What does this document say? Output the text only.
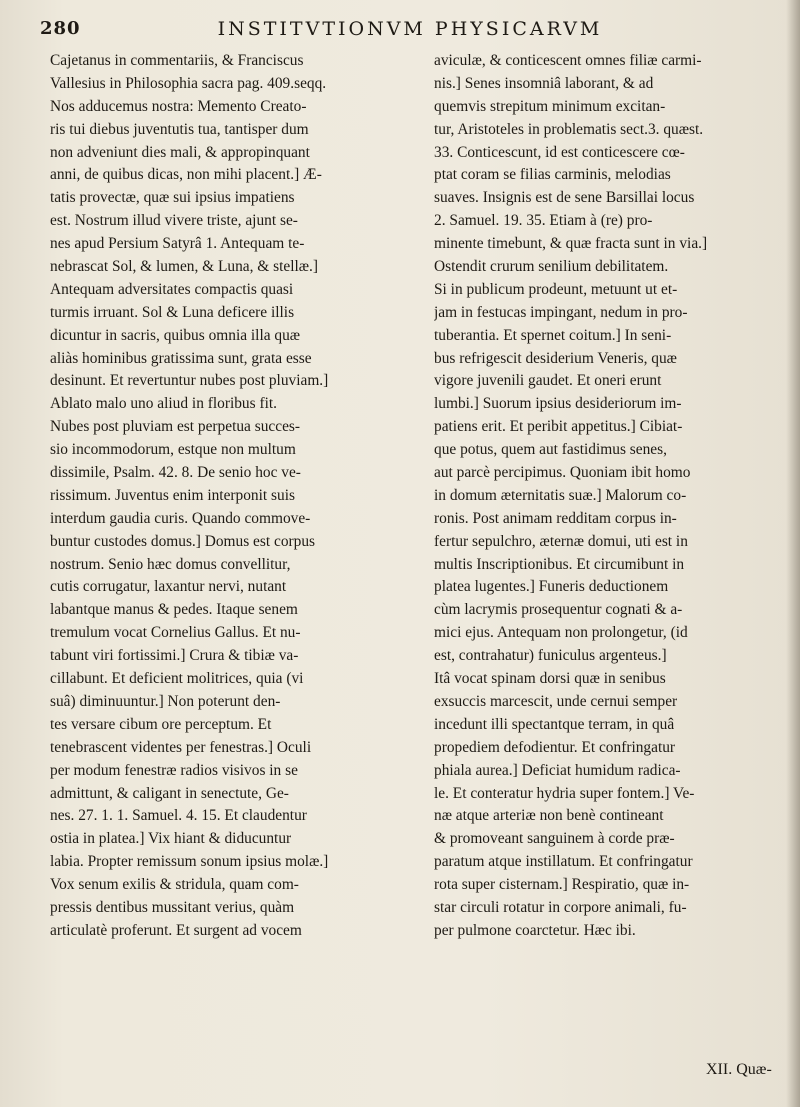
280	INSTITVTIONVM PHYSICARVM
Cajetanus in commentariis, & Franciscus
Vallesius in Philosophia sacra pag. 409.seqq.
Nos adducemus nostra: Memento Creato-
ris tui diebus juventutis tua, tantisper dum
non adveniunt dies mali, & appropinquant
anni, de quibus dicas, non mihi placent.] Æ-
tatis provectæ, quæ sui ipsius impatiens
est. Nostrum illud vivere triste, ajunt se-
nes apud Persium Satyrâ 1. Antequam te-
nebrascat Sol, & lumen, & Luna, & stellæ.]
Antequam adversitates compactis quasi
turmis irruant. Sol & Luna deficere illis
dicuntur in sacris, quibus omnia illa quæ
aliàs hominibus gratissima sunt, grata esse
desinunt. Et revertuntur nubes post pluviam.]
Ablato malo uno aliud in floribus fit.
Nubes post pluviam est perpetua succes-
sio incommodorum, estque non multum
dissimile, Psalm. 42. 8. De senio hoc ve-
rissimum. Juventus enim interponit suis
interdum gaudia curis. Quando commove-
buntur custodes domus.] Domus est corpus
nostrum. Senio hæc domus convellitur,
cutis corrugatur, laxantur nervi, nutant
labantque manus & pedes. Itaque senem
tremulum vocat Cornelius Gallus. Et nu-
tabunt viri fortissimi.] Crura & tibiæ va-
cillabunt. Et deficient molitrices, quia (vi
suâ) diminuuntur.] Non poterunt den-
tes versare cibum ore perceptum. Et
tenebrascent videntes per fenestras.] Oculi
per modum fenestræ radios visivos in se
admittunt, & caligant in senectute, Ge-
nes. 27. 1. 1. Samuel. 4. 15. Et claudentur
ostia in platea.] Vix hiant & diducuntur
labia. Propter remissum sonum ipsius molæ.]
Vox senum exilis & stridula, quam com-
pressis dentibus mussitant verius, quàm
articulatè proferunt. Et surgent ad vocem
aviculæ, & conticescent omnes filiæ carmi-
nis.] Senes insomniâ laborant, & ad
quemvis strepitum minimum excitan-
tur, Aristoteles in problematis sect.3. quæst.
33. Conticescunt, id est conticescere cœ-
ptat coram se filias carminis, melodias
suaves. Insignis est de sene Barsillai locus
2. Samuel. 19. 35. Etiam à (re) pro-
minente timebunt, & quæ fracta sunt in via.]
Ostendit crurum senilium debilitatem.
Si in publicum prodeunt, metuunt ut et-
jam in festucas impingant, nedum in pro-
tuberantia. Et spernet coitum.] In seni-
bus refrigescit desiderium Veneris, quæ
vigore juvenili gaudet. Et oneri erunt
lumbi.] Suorum ipsius desideriorum im-
patiens erit. Et peribit appetitus.] Cibiat-
que potus, quem aut fastidimus senes,
aut parcè percipimus. Quoniam ibit homo
in domum æternitatis suæ.] Malorum co-
ronis. Post animam redditam corpus in-
fertur sepulchro, æternæ domui, uti est in
multis Inscriptionibus. Et circumibunt in
platea lugentes.] Funeris deductionem
cùm lacrymis prosequentur cognati & a-
mici ejus. Antequam non prolongetur, (id
est, contrahatur) funiculus argenteus.]
Itâ vocat spinam dorsi quæ in senibus
exsuccis marcescit, unde cernui semper
incedunt illi spectantque terram, in quâ
propediem defodientur. Et confringatur
phiala aurea.] Deficiat humidum radica-
le. Et conteratur hydria super fontem.] Ve-
næ atque arteriæ non benè contineant
& promoveant sanguinem à corde præ-
paratum atque instillatum. Et confringatur
rota super cisternam.] Respiratio, quæ in-
star circuli rotatur in corpore animali, fu-
per pulmone coarctetur. Hæc ibi.
XII. Quæ-
